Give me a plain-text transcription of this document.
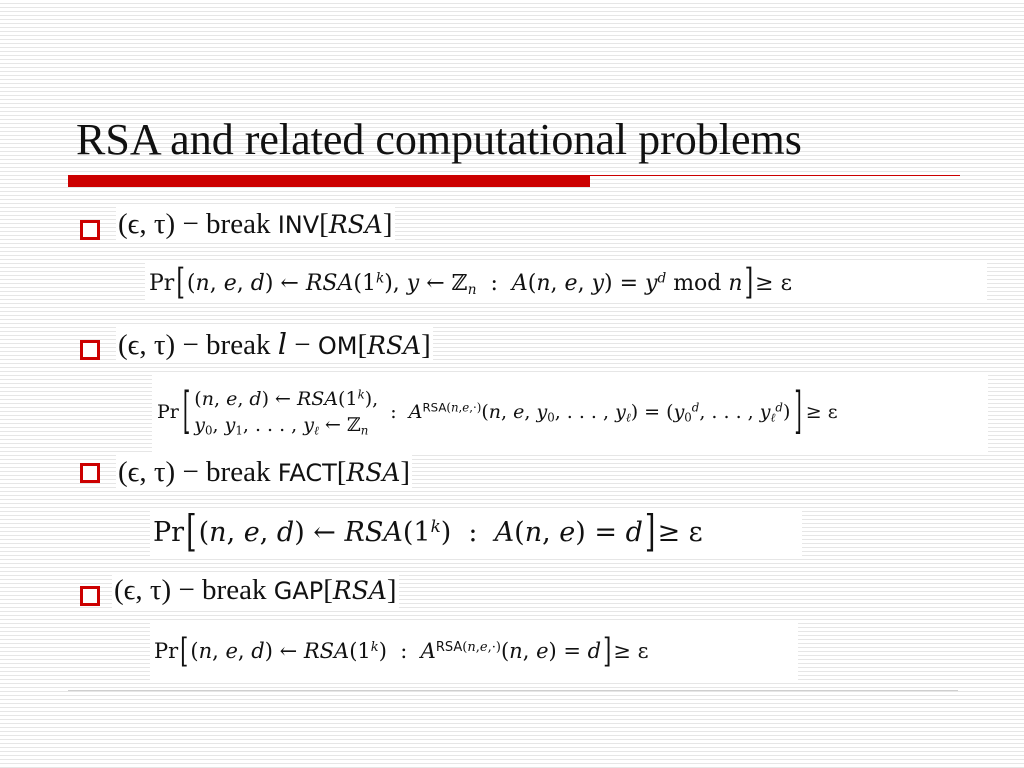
RSA and related computational problems
(ϵ, τ) − break INV[RSA]
Pr [ (n, e, d) ← RSA(1$^k$), y ← ℤ$_n$  :  A(n, e, $y) = y^d$ mod n ] ≥ ε
(ϵ, τ) − break l − OM[RSA]
Pr [ (n, e, d) ← RSA(1$^k$),
$y_0$, $y_1$, . . . , $y_\ell$ ← ℤ$_n$
:  $A^{RSA(n,e,\cdot)}(n$, e, $y_0$, . . . , $y_\ell) = (y_0^d$, . . . , $y_\ell^d$) ] ≥ ε
(ϵ, τ) − break FACT[RSA]
Pr [ (n, e, d) ← RSA(1$^k$)  :  A(n, e) = d ] ≥ ε
(ϵ, τ) − break GAP[RSA]
Pr [ (n, e, d) ← RSA(1$^k$)  :  $A^{RSA(n,e,\cdot)}(n$, e) = d ] ≥ ε
